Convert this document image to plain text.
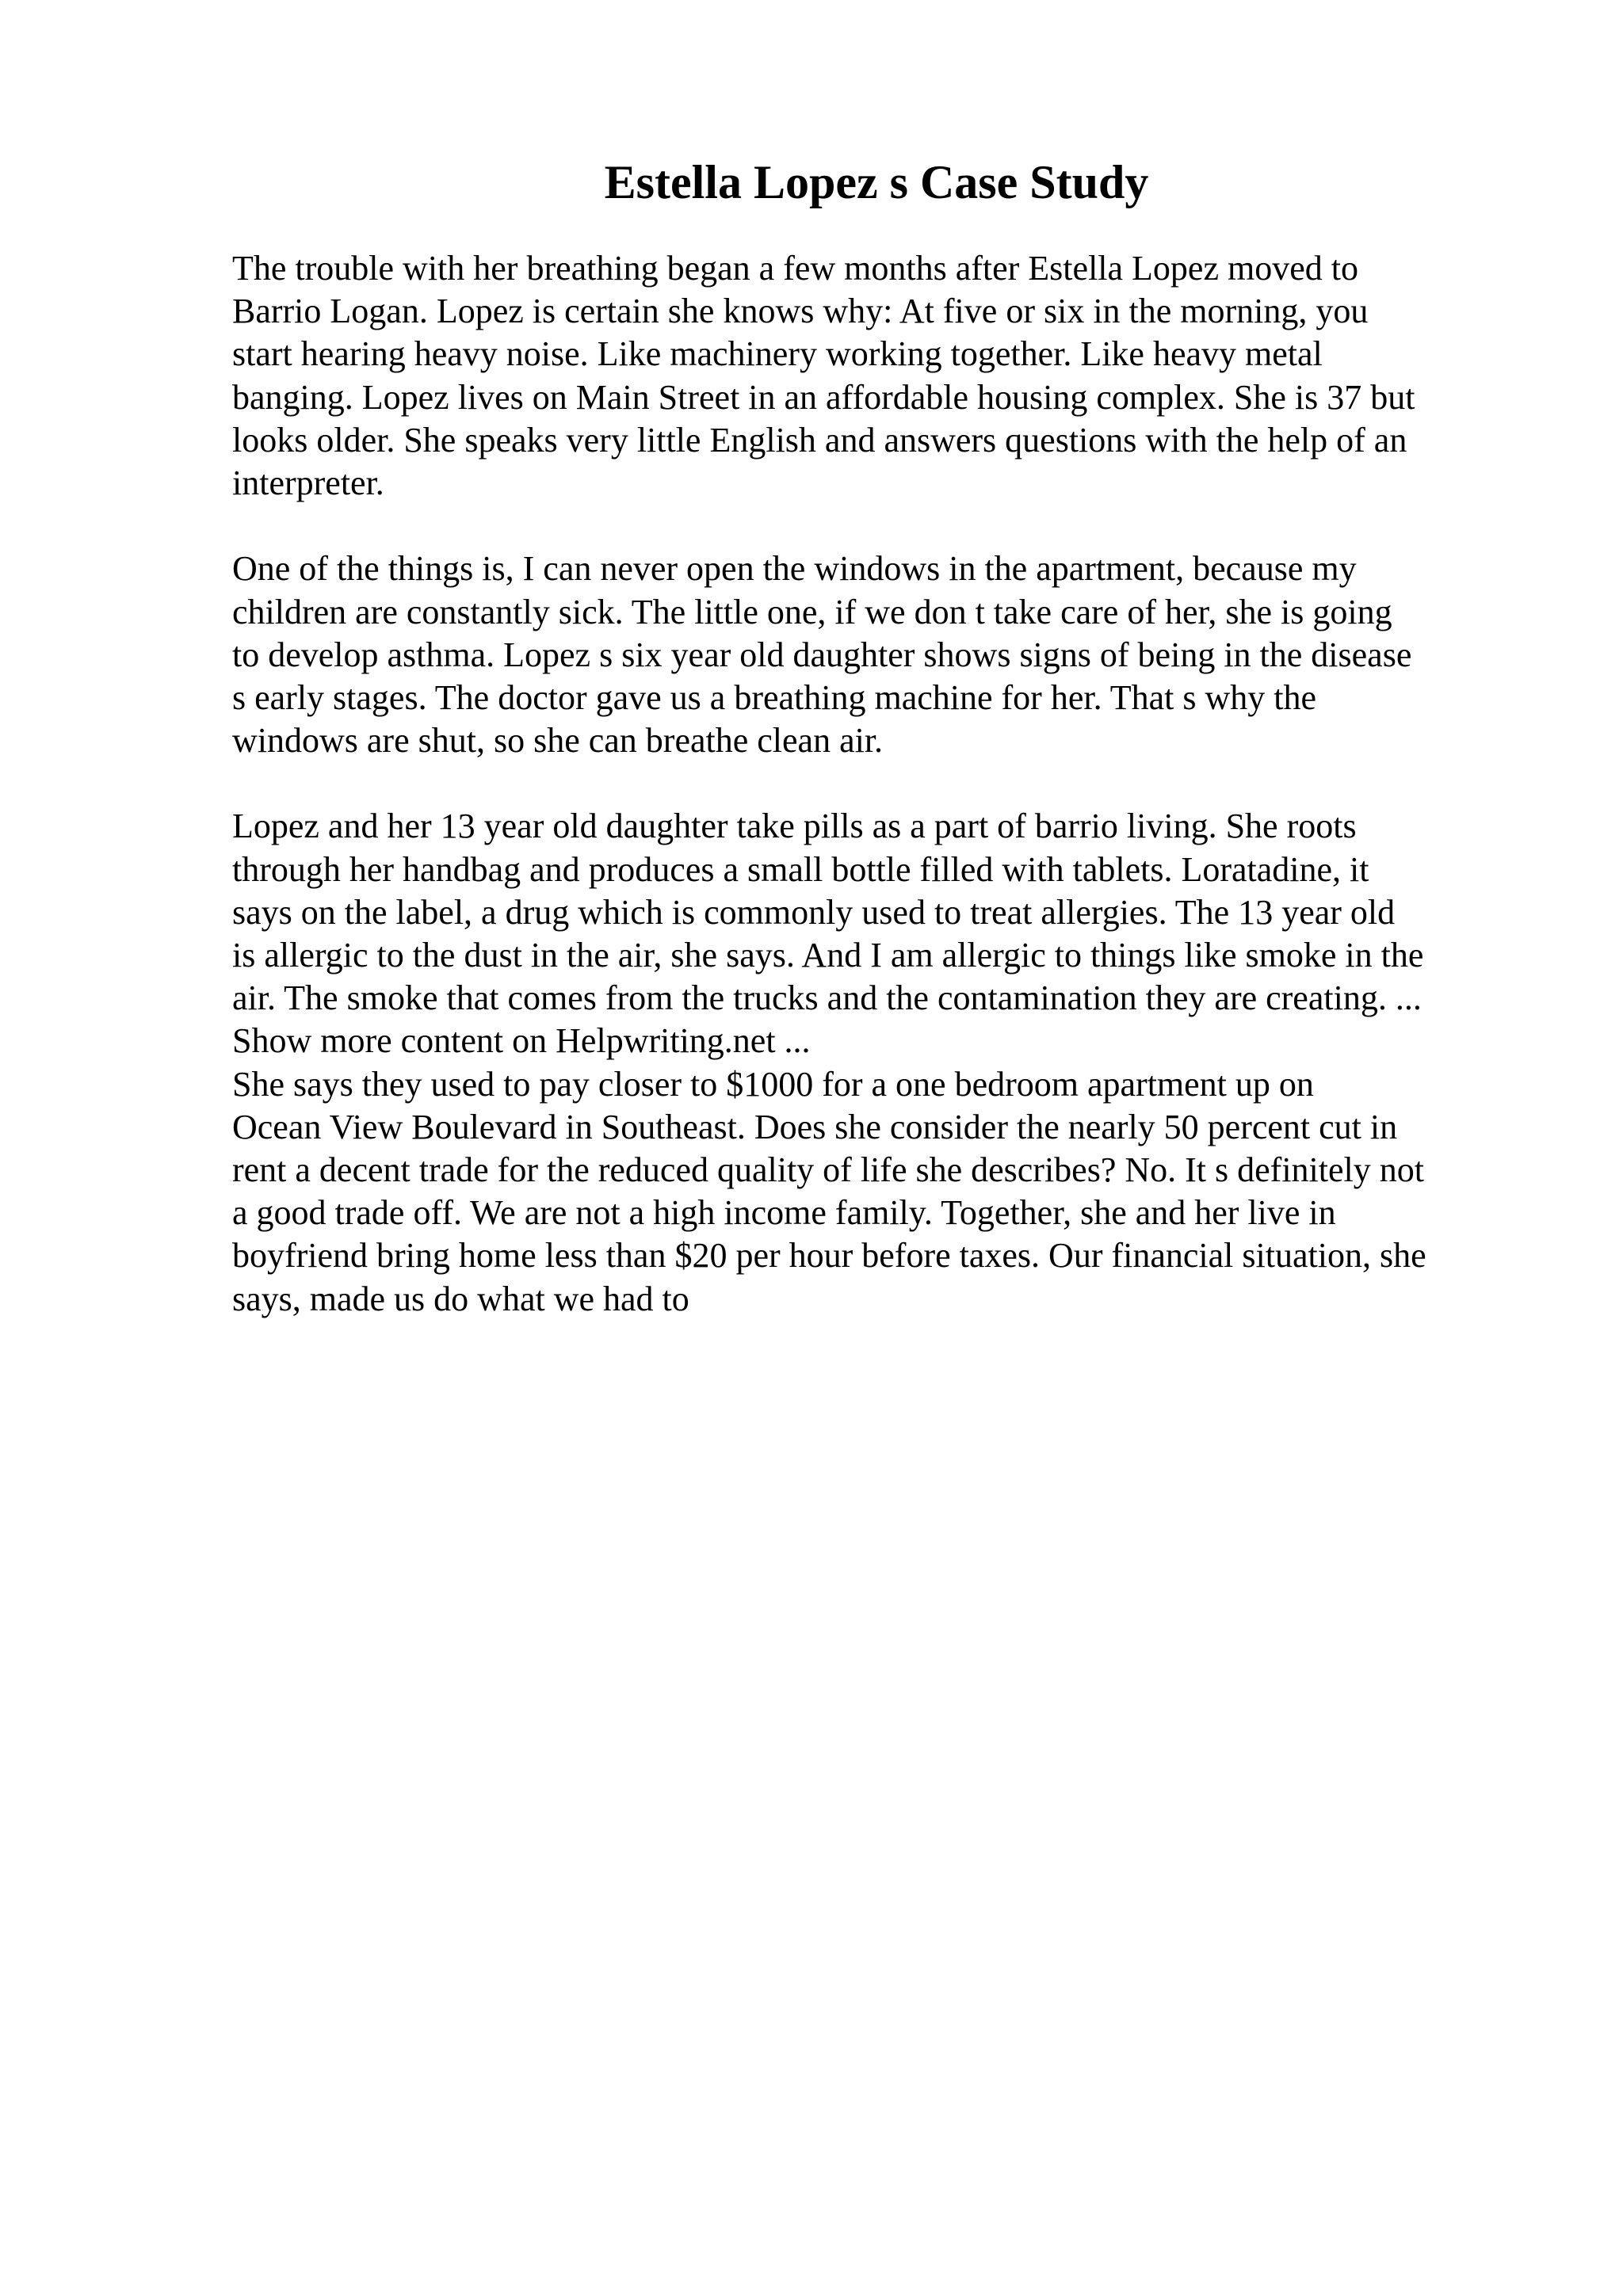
Estella Lopez s Case Study
The trouble with her breathing began a few months after Estella Lopez moved to
Barrio Logan. Lopez is certain she knows why: At five or six in the morning, you
start hearing heavy noise. Like machinery working together. Like heavy metal
banging. Lopez lives on Main Street in an affordable housing complex. She is 37 but
looks older. She speaks very little English and answers questions with the help of an
interpreter.
One of the things is, I can never open the windows in the apartment, because my
children are constantly sick. The little one, if we don t take care of her, she is going
to develop asthma. Lopez s six year old daughter shows signs of being in the disease
s early stages. The doctor gave us a breathing machine for her. That s why the
windows are shut, so she can breathe clean air.
Lopez and her 13 year old daughter take pills as a part of barrio living. She roots
through her handbag and produces a small bottle filled with tablets. Loratadine, it
says on the label, a drug which is commonly used to treat allergies. The 13 year old
is allergic to the dust in the air, she says. And I am allergic to things like smoke in the
air. The smoke that comes from the trucks and the contamination they are creating. ...
Show more content on Helpwriting.net ...
She says they used to pay closer to $1000 for a one bedroom apartment up on
Ocean View Boulevard in Southeast. Does she consider the nearly 50 percent cut in
rent a decent trade for the reduced quality of life she describes? No. It s definitely not
a good trade off. We are not a high income family. Together, she and her live in
boyfriend bring home less than $20 per hour before taxes. Our financial situation, she
says, made us do what we had to
